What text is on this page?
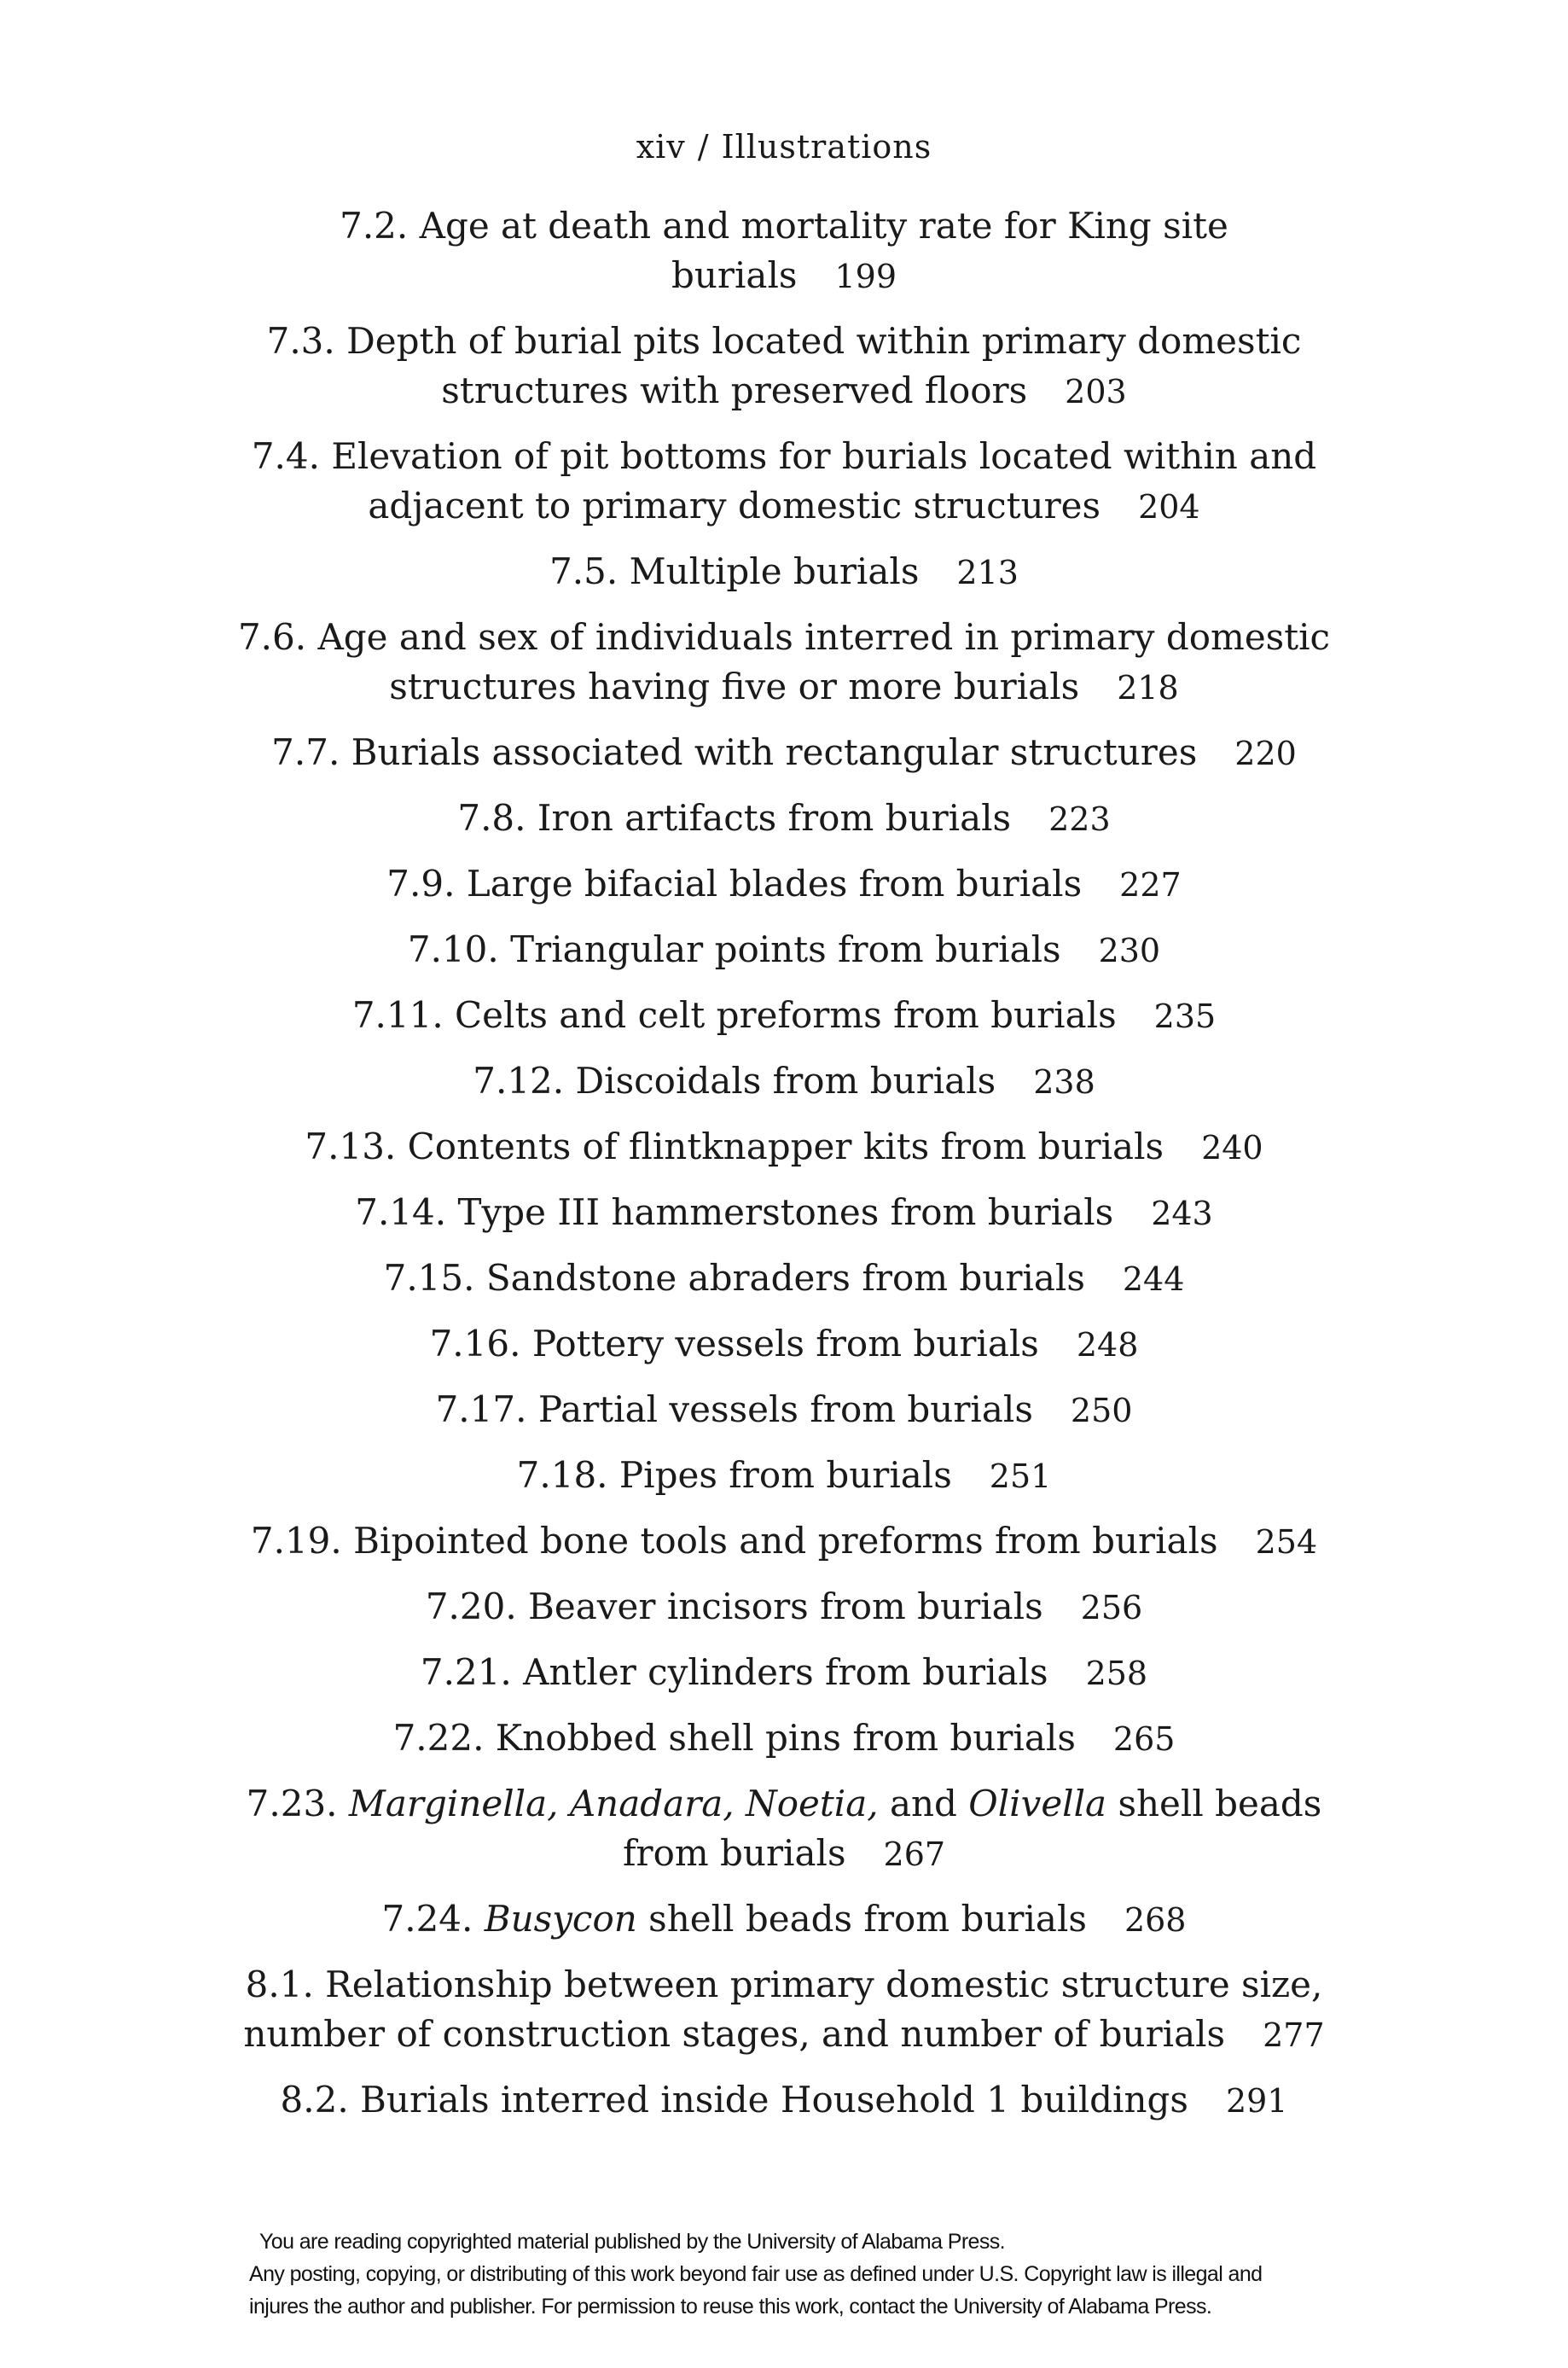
xiv / Illustrations
7.2. Age at death and mortality rate for King site burials 199
7.3. Depth of burial pits located within primary domestic structures with preserved floors 203
7.4. Elevation of pit bottoms for burials located within and adjacent to primary domestic structures 204
7.5. Multiple burials 213
7.6. Age and sex of individuals interred in primary domestic structures having five or more burials 218
7.7. Burials associated with rectangular structures 220
7.8. Iron artifacts from burials 223
7.9. Large bifacial blades from burials 227
7.10. Triangular points from burials 230
7.11. Celts and celt preforms from burials 235
7.12. Discoidals from burials 238
7.13. Contents of flintknapper kits from burials 240
7.14. Type III hammerstones from burials 243
7.15. Sandstone abraders from burials 244
7.16. Pottery vessels from burials 248
7.17. Partial vessels from burials 250
7.18. Pipes from burials 251
7.19. Bipointed bone tools and preforms from burials 254
7.20. Beaver incisors from burials 256
7.21. Antler cylinders from burials 258
7.22. Knobbed shell pins from burials 265
7.23. Marginella, Anadara, Noetia, and Olivella shell beads from burials 267
7.24. Busycon shell beads from burials 268
8.1. Relationship between primary domestic structure size, number of construction stages, and number of burials 277
8.2. Burials interred inside Household 1 buildings 291
You are reading copyrighted material published by the University of Alabama Press.
Any posting, copying, or distributing of this work beyond fair use as defined under U.S. Copyright law is illegal and
injures the author and publisher. For permission to reuse this work, contact the University of Alabama Press.
